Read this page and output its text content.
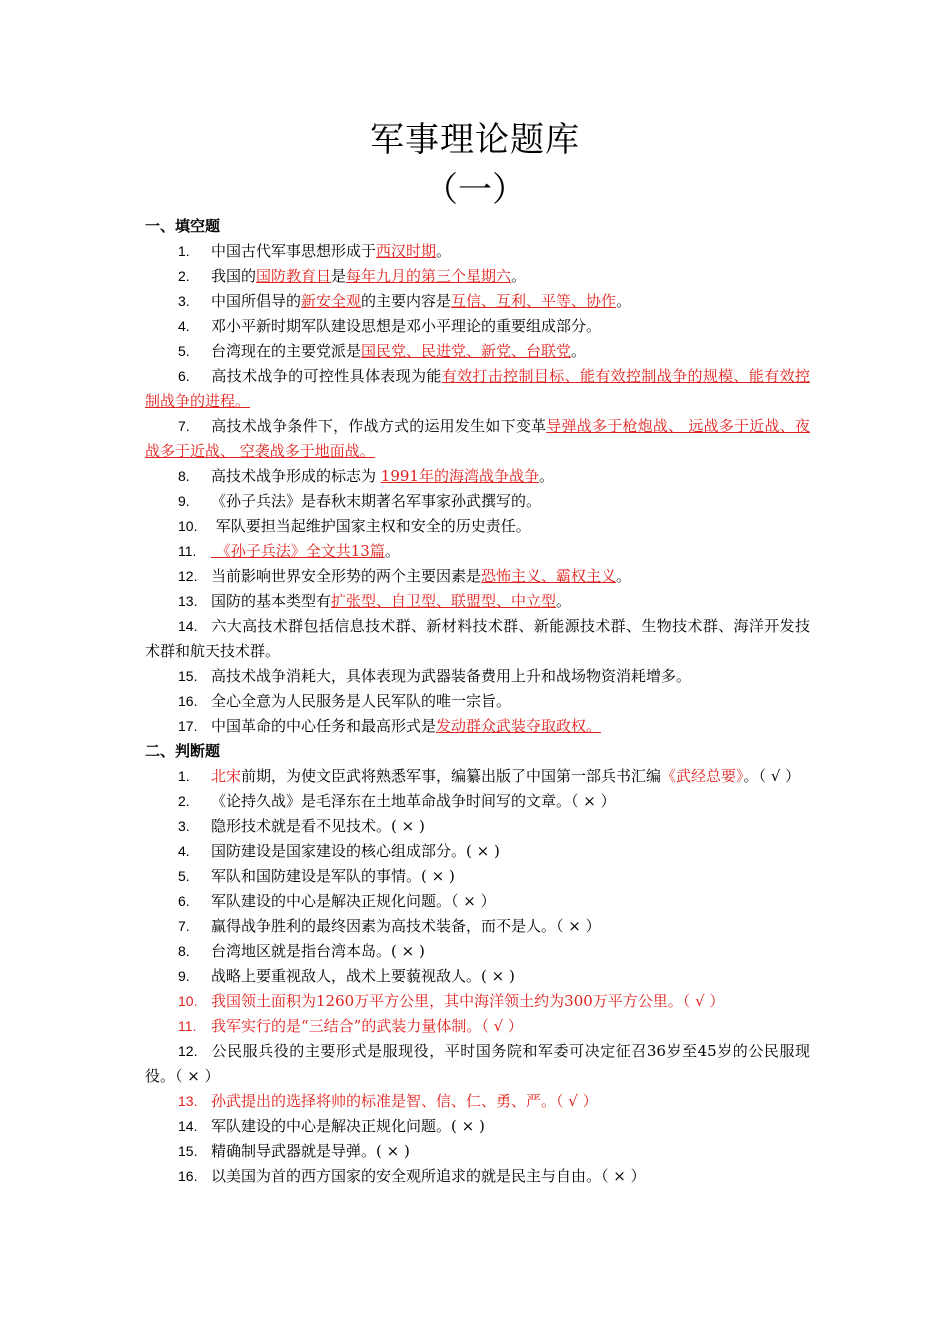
军事理论题库
（一）
一、填空题
1. 中国古代军事思想形成于西汉时期。
2. 我国的国防教育日是每年九月的第三个星期六。
3. 中国所倡导的新安全观的主要内容是互信、互利、平等、协作。
4. 邓小平新时期军队建设思想是邓小平理论的重要组成部分。
5. 台湾现在的主要党派是国民党、民进党、新党、台联党。
6. 高技术战争的可控性具体表现为能有效打击控制目标、能有效控制战争的规模、能有效控制战争的进程。
7. 高技术战争条件下，作战方式的运用发生如下变革导弹战多于枪炮战、 远战多于近战、夜战多于近战、 空袭战多于地面战。
8. 高技术战争形成的标志为 1991年的海湾战争战争。
9. 《孙子兵法》是春秋末期著名军事家孙武撰写的。
10. 军队要担当起维护国家主权和安全的历史责任。
11. 《孙子兵法》全文共13篇。
12. 当前影响世界安全形势的两个主要因素是恐怖主义、霸权主义。
13. 国防的基本类型有扩张型、自卫型、联盟型、中立型。
14. 六大高技术群包括信息技术群、新材料技术群、新能源技术群、生物技术群、海洋开发技术群和航天技术群。
15. 高技术战争消耗大，具体表现为武器装备费用上升和战场物资消耗增多。
16. 全心全意为人民服务是人民军队的唯一宗旨。
17. 中国革命的中心任务和最高形式是发动群众武装夺取政权。
二、判断题
1. 北宋前期，为使文臣武将熟悉军事，编纂出版了中国第一部兵书汇编《武经总要》。（ √ ）
2. 《论持久战》是毛泽东在土地革命战争时间写的文章。（ × ）
3. 隐形技术就是看不见技术。( × )
4. 国防建设是国家建设的核心组成部分。( × )
5. 军队和国防建设是军队的事情。( × )
6. 军队建设的中心是解决正规化问题。（ × ）
7. 赢得战争胜利的最终因素为高技术装备，而不是人。（ × ）
8. 台湾地区就是指台湾本岛。( × )
9. 战略上要重视敌人，战术上要藐视敌人。( × )
10. 我国领土面积为1260万平方公里，其中海洋领土约为300万平方公里。（ √ ）
11. 我军实行的是“三结合”的武装力量体制。（ √ ）
12. 公民服兵役的主要形式是服现役，平时国务院和军委可决定征召36岁至45岁的公民服现役。（ × ）
13. 孙武提出的选择将帅的标准是智、信、仁、勇、严。（ √ ）
14. 军队建设的中心是解决正规化问题。( × )
15. 精确制导武器就是导弹。( × )
16. 以美国为首的西方国家的安全观所追求的就是民主与自由。（ × ）
